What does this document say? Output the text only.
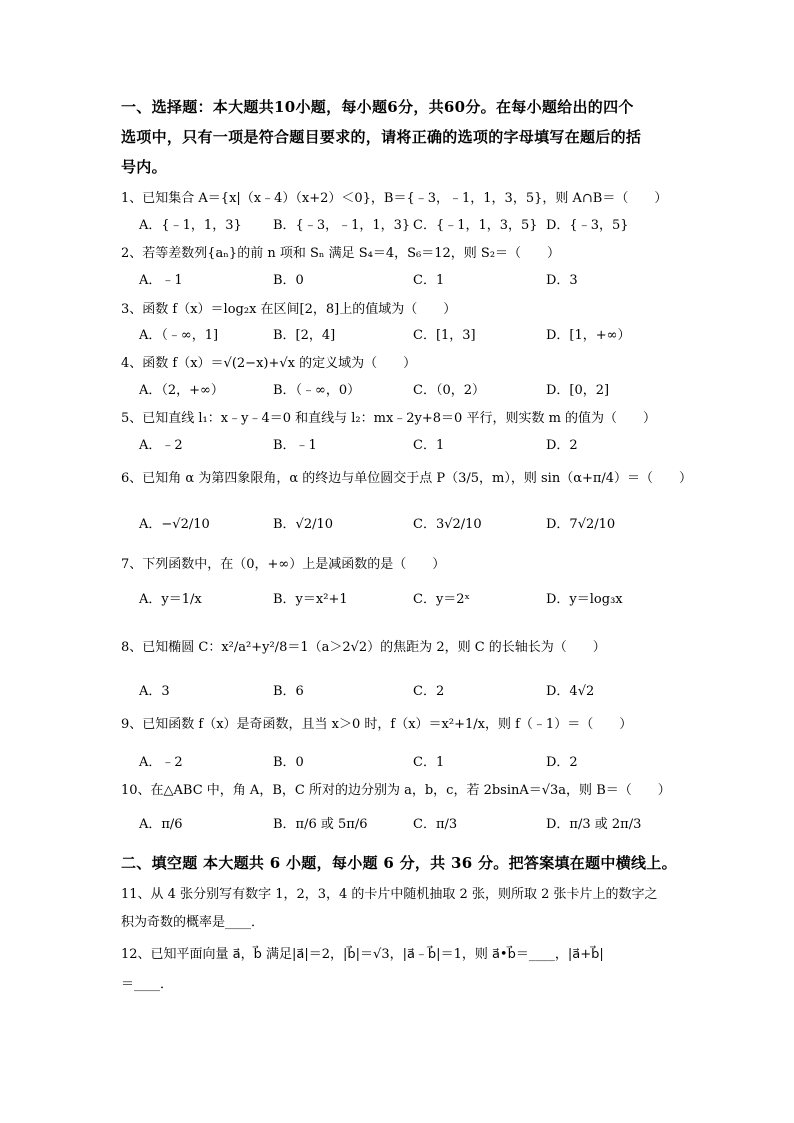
一、选择题：本大题共10小题，每小题6分，共60分。在每小题给出的四个
选项中，只有一项是符合题目要求的，请将正确的选项的字母填写在题后的括
号内。
1、已知集合 A＝{x|（x﹣4）（x+2）＜0}，B＝{﹣3，﹣1，1，3，5}，则 A∩B＝（　　）
A．{﹣1，1，3} B．{﹣3，﹣1，1，3} C．{﹣1，1，3，5} D．{﹣3，5}
2、若等差数列{aₙ}的前 n 项和 Sₙ 满足 S₄＝4，S₆＝12，则 S₂＝（　　）
A．﹣1	B．0	C．1	D．3
3、函数 f（x）＝log₂x 在区间[2，8]上的值域为（　　）
A．（﹣∞，1]	B．[2，4]	C．[1，3]	D．[1，+∞）
4、函数 f（x）＝√(2−x)+√x 的定义域为（　　）
A．（2，+∞）	B．（﹣∞，0）	C．（0，2）	D．[0，2]
5、已知直线 l₁：x﹣y﹣4＝0 和直线与 l₂：mx﹣2y+8＝0 平行，则实数 m 的值为（　　）
A．﹣2	B．﹣1	C．1	D．2
6、已知角 α 为第四象限角，α 的终边与单位圆交于点 P（3/5，m），则 sin（α+π/4）＝（　　）
A．−√2/10	B．√2/10	C．3√2/10	D．7√2/10
7、下列函数中，在（0，+∞）上是减函数的是（　　）
A．y＝1/x	B．y＝x²+1	C．y＝2ˣ	D．y＝log₃x
8、已知椭圆 C：x²/a²+y²/8＝1（a＞2√2）的焦距为 2，则 C 的长轴长为（　　）
A．3	B．6	C．2	D．4√2
9、已知函数 f（x）是奇函数，且当 x＞0 时，f（x）＝x²+1/x，则 f（﹣1）＝（　　）
A．﹣2	B．0	C．1	D．2
10、在△ABC 中，角 A，B，C 所对的边分别为 a，b，c，若 2bsinA＝√3a，则 B＝（　　）
A．π/6	B．π/6 或 5π/6	C．π/3	D．π/3 或 2π/3
二、填空题 本大题共 6 小题，每小题 6 分，共 36 分。把答案填在题中横线上。
11、从 4 张分别写有数字 1，2，3，4 的卡片中随机抽取 2 张，则所取 2 张卡片上的数字之
积为奇数的概率是____．
12、已知平面向量 a⃗，b⃗ 满足|a⃗|＝2，|b⃗|＝√3，|a⃗﹣b⃗|＝1，则 a⃗•b⃗＝____，|a⃗+b⃗|
＝____．
